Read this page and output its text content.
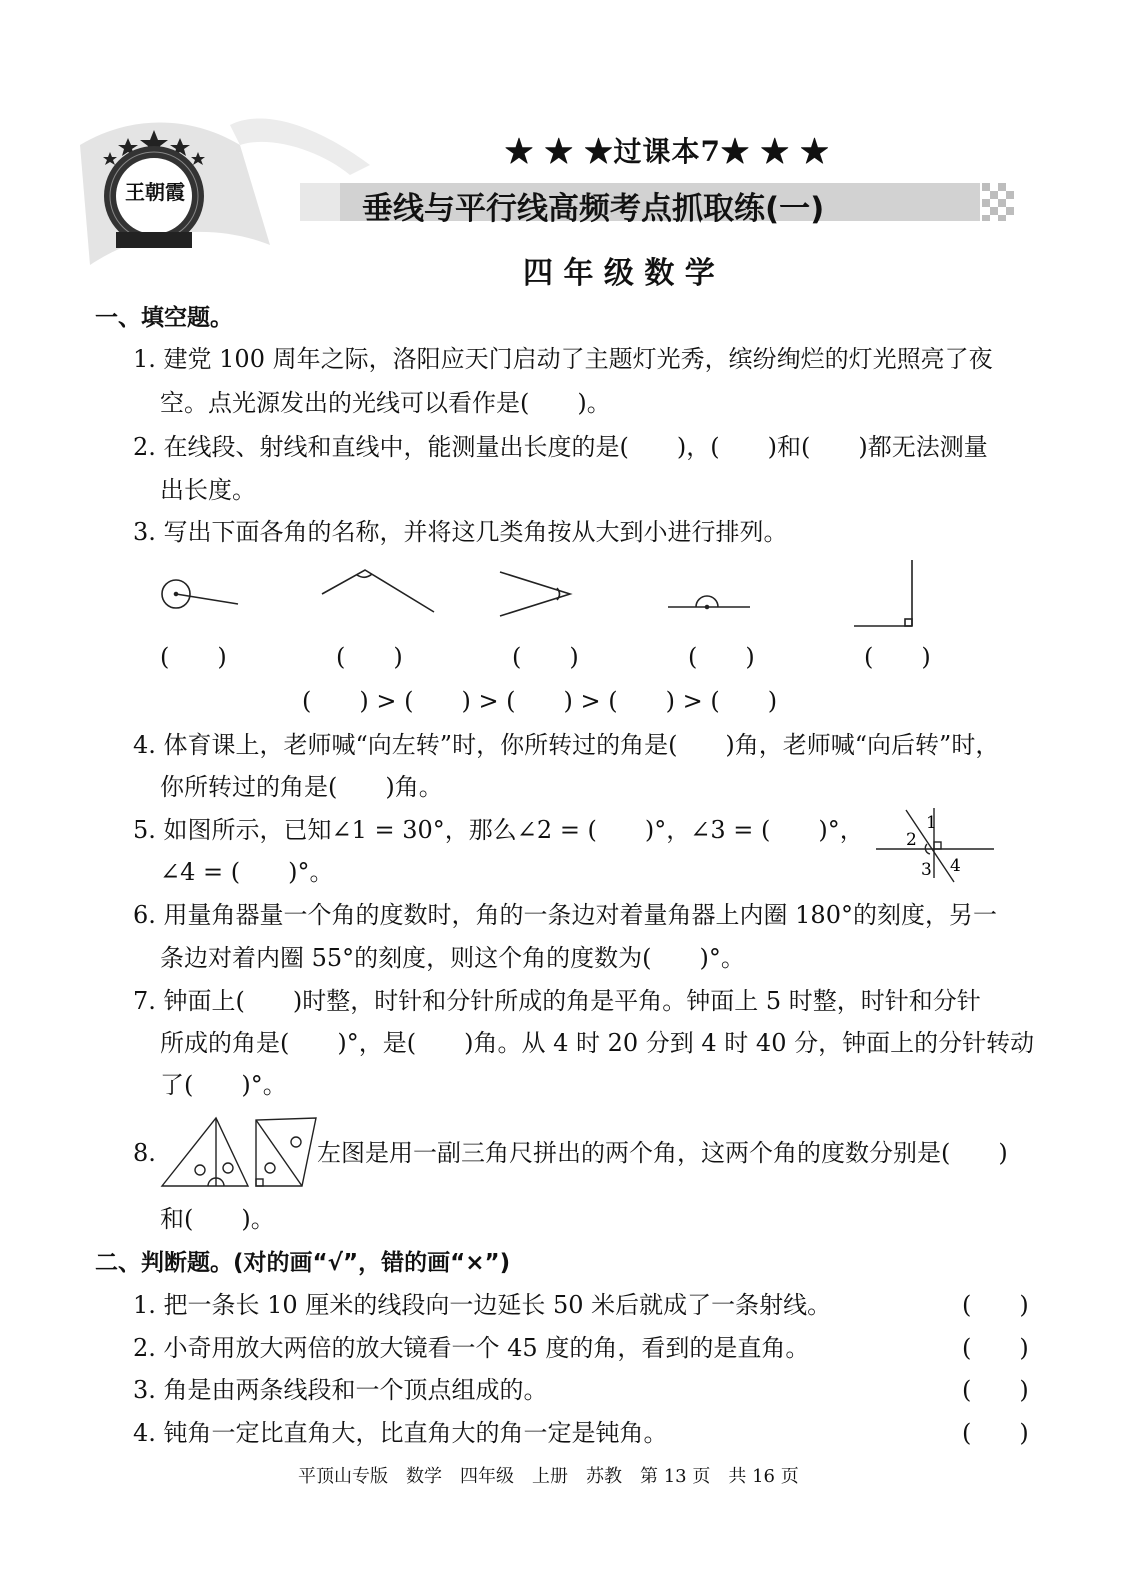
王朝霞
★ ★ ★过课本7★ ★ ★
垂线与平行线高频考点抓取练(一)
四 年 级 数 学
一、填空题。
1. 建党 100 周年之际，洛阳应天门启动了主题灯光秀，缤纷绚烂的灯光照亮了夜
空。点光源发出的光线可以看作是(　　)。
2. 在线段、射线和直线中，能测量出长度的是(　　)，(　　)和(　　)都无法测量
出长度。
3. 写出下面各角的名称，并将这几类角按从大到小进行排列。
(　　)	(　　)	(　　)	(　　)	(　　)
(　　) > (　　) > (　　) > (　　) > (　　)
4. 体育课上，老师喊“向左转”时，你所转过的角是(　　)角，老师喊“向后转”时，
你所转过的角是(　　)角。
5. 如图所示，已知∠1 = 30°，那么∠2 = (　　)°，∠3 = (　　)°，
∠4 = (　　)°。
1
2
3 4
6. 用量角器量一个角的度数时，角的一条边对着量角器上内圈 180°的刻度，另一
条边对着内圈 55°的刻度，则这个角的度数为(　　)°。
7. 钟面上(　　)时整，时针和分针所成的角是平角。钟面上 5 时整，时针和分针
所成的角是(　　)°，是(　　)角。从 4 时 20 分到 4 时 40 分，钟面上的分针转动
了(　　)°。
8.	左图是用一副三角尺拼出的两个角，这两个角的度数分别是(　　)
和(　　)。
二、判断题。(对的画“√”，错的画“×”)
1. 把一条长 10 厘米的线段向一边延长 50 米后就成了一条射线。	(　　)
2. 小奇用放大两倍的放大镜看一个 45 度的角，看到的是直角。	(　　)
3. 角是由两条线段和一个顶点组成的。	(　　)
4. 钝角一定比直角大，比直角大的角一定是钝角。	(　　)
平顶山专版　数学　四年级　上册　苏教　第 13 页　共 16 页
